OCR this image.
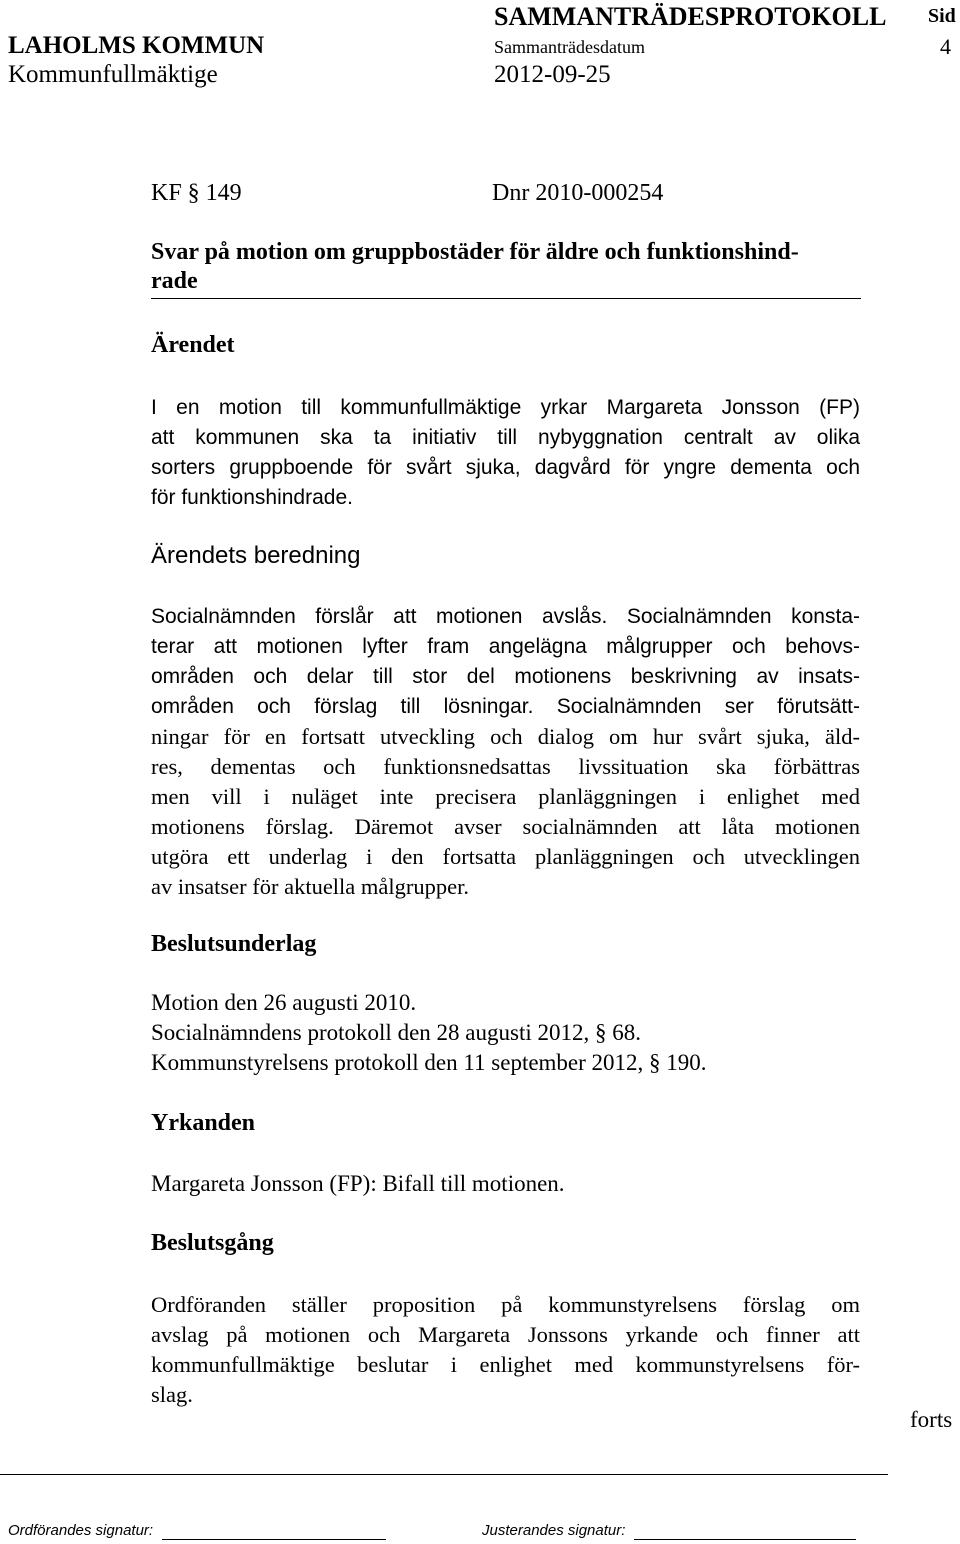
SAMMANTRÄDESPROTOKOLL Sid
LAHOLMS KOMMUN	Sammanträdesdatum	4
Kommunfullmäktige	2012-09-25
KF § 149	Dnr 2010-000254
Svar på motion om gruppbostäder för äldre och funktionshind-
rade
Ärendet
I en motion till kommunfullmäktige yrkar Margareta Jonsson (FP)
att kommunen ska ta initiativ till nybyggnation centralt av olika
sorters gruppboende för svårt sjuka, dagvård för yngre dementa och
för funktionshindrade.
Ärendets beredning
Socialnämnden förslår att motionen avslås. Socialnämnden konsta-
terar att motionen lyfter fram angelägna målgrupper och behovs-
områden och delar till stor del motionens beskrivning av insats-
områden och förslag till lösningar. Socialnämnden ser förutsätt-
ningar för en fortsatt utveckling och dialog om hur svårt sjuka, äld-
res, dementas och funktionsnedsattas livssituation ska förbättras
men vill i nuläget inte precisera planläggningen i enlighet med
motionens förslag. Däremot avser socialnämnden att låta motionen
utgöra ett underlag i den fortsatta planläggningen och utvecklingen
av insatser för aktuella målgrupper.
Beslutsunderlag
Motion den 26 augusti 2010.
Socialnämndens protokoll den 28 augusti 2012, § 68.
Kommunstyrelsens protokoll den 11 september 2012, § 190.
Yrkanden
Margareta Jonsson (FP): Bifall till motionen.
Beslutsgång
Ordföranden ställer proposition på kommunstyrelsens förslag om
avslag på motionen och Margareta Jonssons yrkande och finner att
kommunfullmäktige beslutar i enlighet med kommunstyrelsens för-
slag.
forts
Ordförandes signatur:	Justerandes signatur:
